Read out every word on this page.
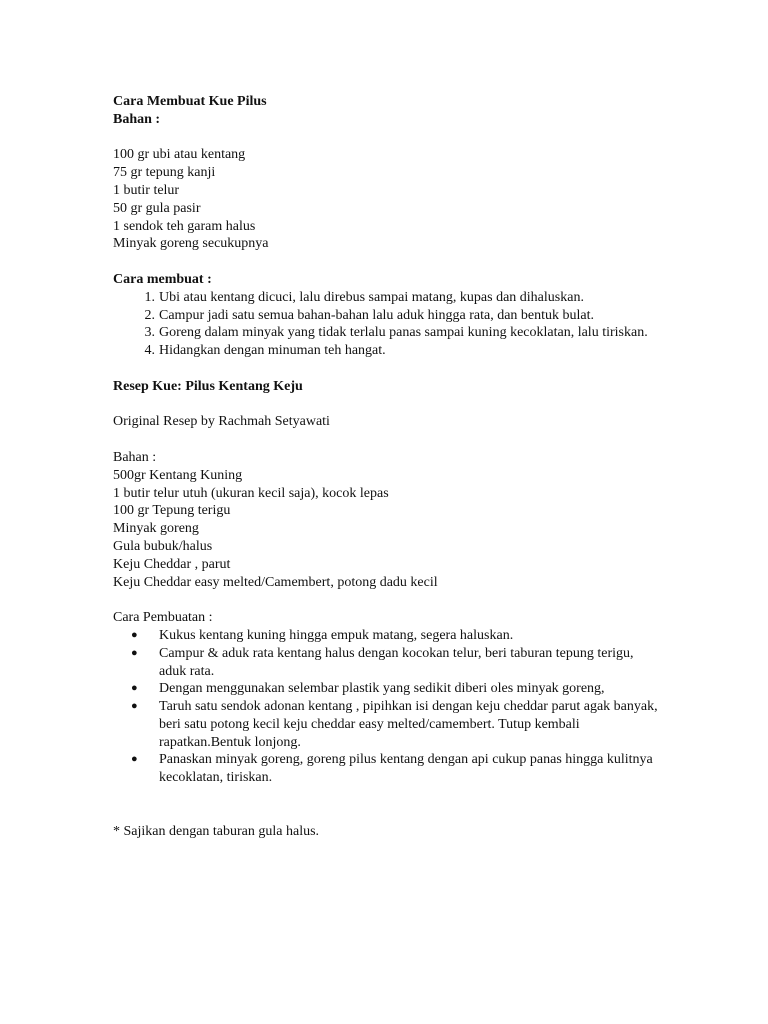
Cara Membuat Kue Pilus
Bahan :
100 gr ubi atau kentang
75 gr tepung kanji
1 butir telur
50 gr gula pasir
1 sendok teh garam halus
Minyak goreng secukupnya
Cara membuat :
1. Ubi atau kentang dicuci, lalu direbus sampai matang, kupas dan dihaluskan.
2. Campur jadi satu semua bahan-bahan lalu aduk hingga rata, dan bentuk bulat.
3. Goreng dalam minyak yang tidak terlalu panas sampai kuning kecoklatan, lalu tiriskan.
4. Hidangkan dengan minuman teh hangat.
Resep Kue: Pilus Kentang Keju
Original Resep by Rachmah Setyawati
Bahan :
500gr Kentang Kuning
1 butir telur utuh (ukuran kecil saja), kocok lepas
100 gr Tepung terigu
Minyak goreng
Gula bubuk/halus
Keju Cheddar , parut
Keju Cheddar easy melted/Camembert, potong dadu kecil
Cara Pembuatan :
● Kukus kentang kuning hingga empuk matang, segera haluskan.
● Campur & aduk rata kentang halus dengan kocokan telur, beri taburan tepung terigu, aduk rata.
● Dengan menggunakan selembar plastik yang sedikit diberi oles minyak goreng,
● Taruh satu sendok adonan kentang , pipihkan isi dengan keju cheddar parut agak banyak, beri satu potong kecil keju cheddar easy melted/camembert. Tutup kembali rapatkan.Bentuk lonjong.
● Panaskan minyak goreng, goreng pilus kentang dengan api cukup panas hingga kulitnya kecoklatan, tiriskan.
* Sajikan dengan taburan gula halus.
